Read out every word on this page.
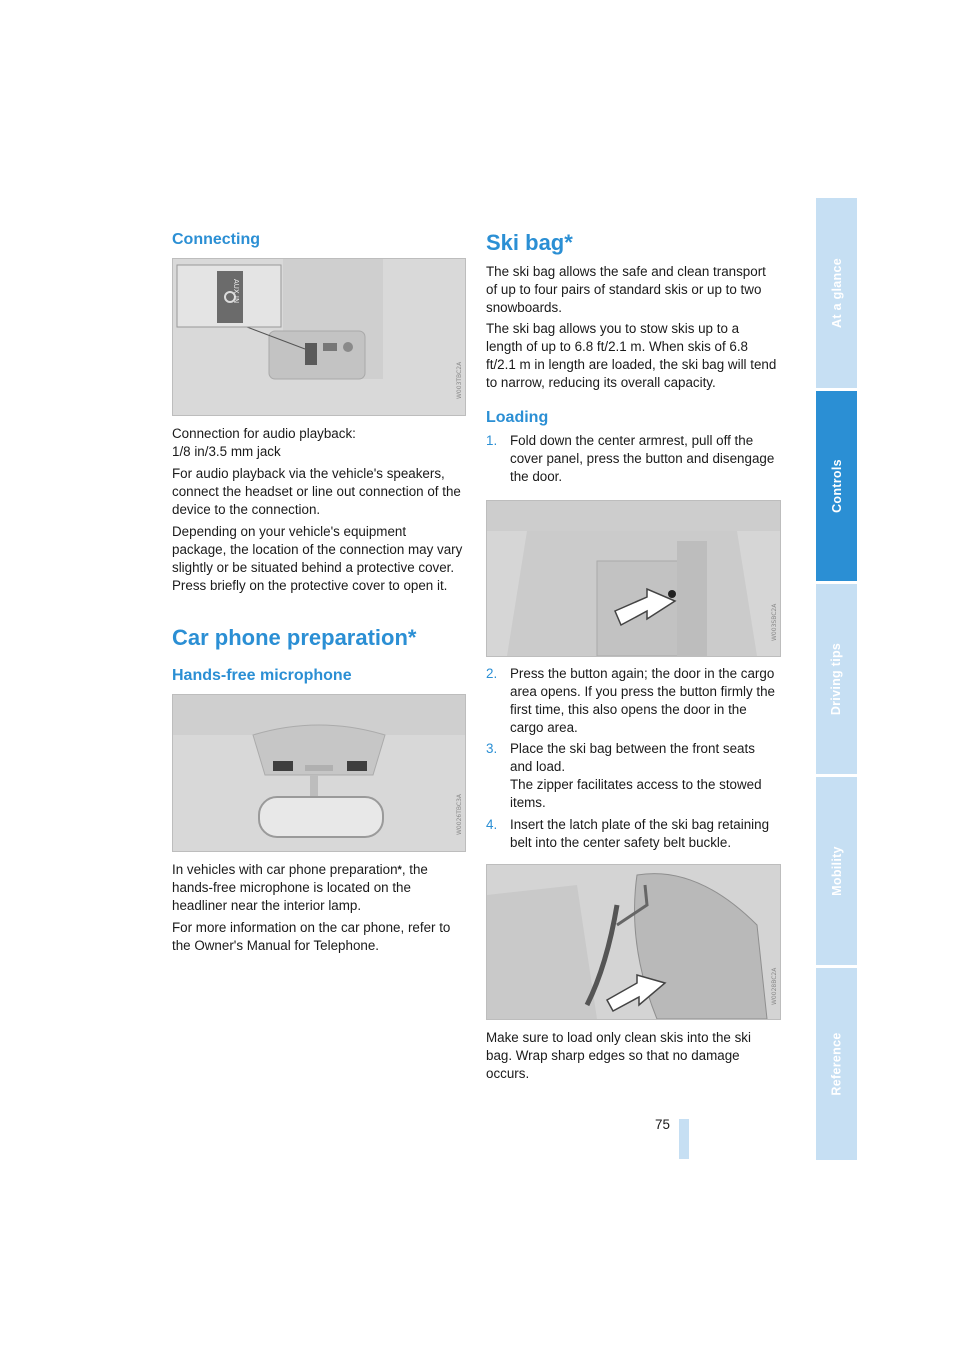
Connecting
AUX IN
W003TBC2A

Connection for audio playback:
1/8 in/3.5 mm jack

For audio playback via the vehicle's speakers, connect the headset or line out connection of the device to the connection.

Depending on your vehicle's equipment package, the location of the connection may vary slightly or be situated behind a protective cover. Press briefly on the protective cover to open it.

Car phone preparation*
Hands-free microphone
W0026TBC3A

In vehicles with car phone preparation*, the hands-free microphone is located on the headliner near the interior lamp.

For more information on the car phone, refer to the Owner's Manual for Telephone.

Ski bag*

The ski bag allows the safe and clean transport of up to four pairs of standard skis or up to two snowboards.

The ski bag allows you to stow skis up to a length of up to 6.8 ft/2.1 m. When skis of 6.8 ft/2.1 m in length are loaded, the ski bag will tend to narrow, reducing its overall capacity.

Loading
1. Fold down the center armrest, pull off the cover panel, press the button and disengage the door.
W003SBC2A
2. Press the button again; the door in the cargo area opens. If you press the button firmly the first time, this also opens the door in the cargo area.
3. Place the ski bag between the front seats and load.
The zipper facilitates access to the stowed items.
4. Insert the latch plate of the ski bag retaining belt into the center safety belt buckle.
W0028BC2A

Make sure to load only clean skis into the ski bag. Wrap sharp edges so that no damage occurs.

75
At a glance
Controls
Driving tips
Mobility
Reference
